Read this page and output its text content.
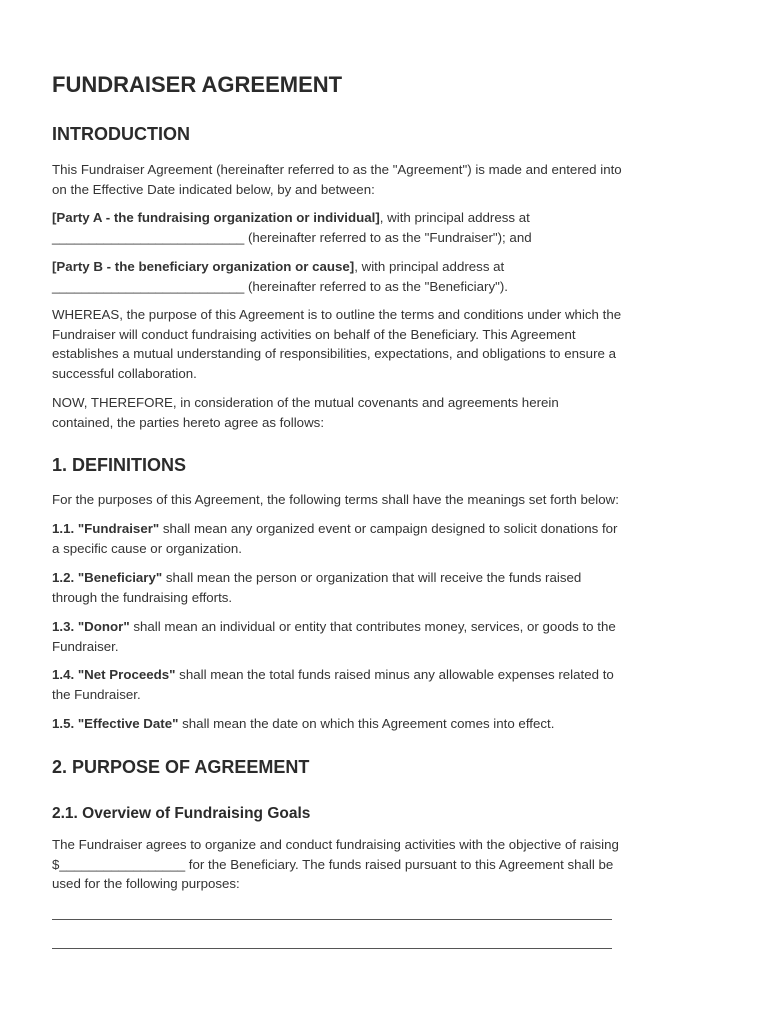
FUNDRAISER AGREEMENT
INTRODUCTION

This Fundraiser Agreement (hereinafter referred to as the "Agreement") is made and entered into
on the Effective Date indicated below, by and between:

[Party A - the fundraising organization or individual], with principal address at
__________________________ (hereinafter referred to as the "Fundraiser"); and

[Party B - the beneficiary organization or cause], with principal address at
__________________________ (hereinafter referred to as the "Beneficiary").

WHEREAS, the purpose of this Agreement is to outline the terms and conditions under which the
Fundraiser will conduct fundraising activities on behalf of the Beneficiary. This Agreement
establishes a mutual understanding of responsibilities, expectations, and obligations to ensure a
successful collaboration.

NOW, THEREFORE, in consideration of the mutual covenants and agreements herein
contained, the parties hereto agree as follows:

1. DEFINITIONS

For the purposes of this Agreement, the following terms shall have the meanings set forth below:

1.1. "Fundraiser" shall mean any organized event or campaign designed to solicit donations for
a specific cause or organization.

1.2. "Beneficiary" shall mean the person or organization that will receive the funds raised
through the fundraising efforts.

1.3. "Donor" shall mean an individual or entity that contributes money, services, or goods to the
Fundraiser.

1.4. "Net Proceeds" shall mean the total funds raised minus any allowable expenses related to
the Fundraiser.

1.5. "Effective Date" shall mean the date on which this Agreement comes into effect.

2. PURPOSE OF AGREEMENT
2.1. Overview of Fundraising Goals

The Fundraiser agrees to organize and conduct fundraising activities with the objective of raising
$_________________ for the Beneficiary. The funds raised pursuant to this Agreement shall be
used for the following purposes:
